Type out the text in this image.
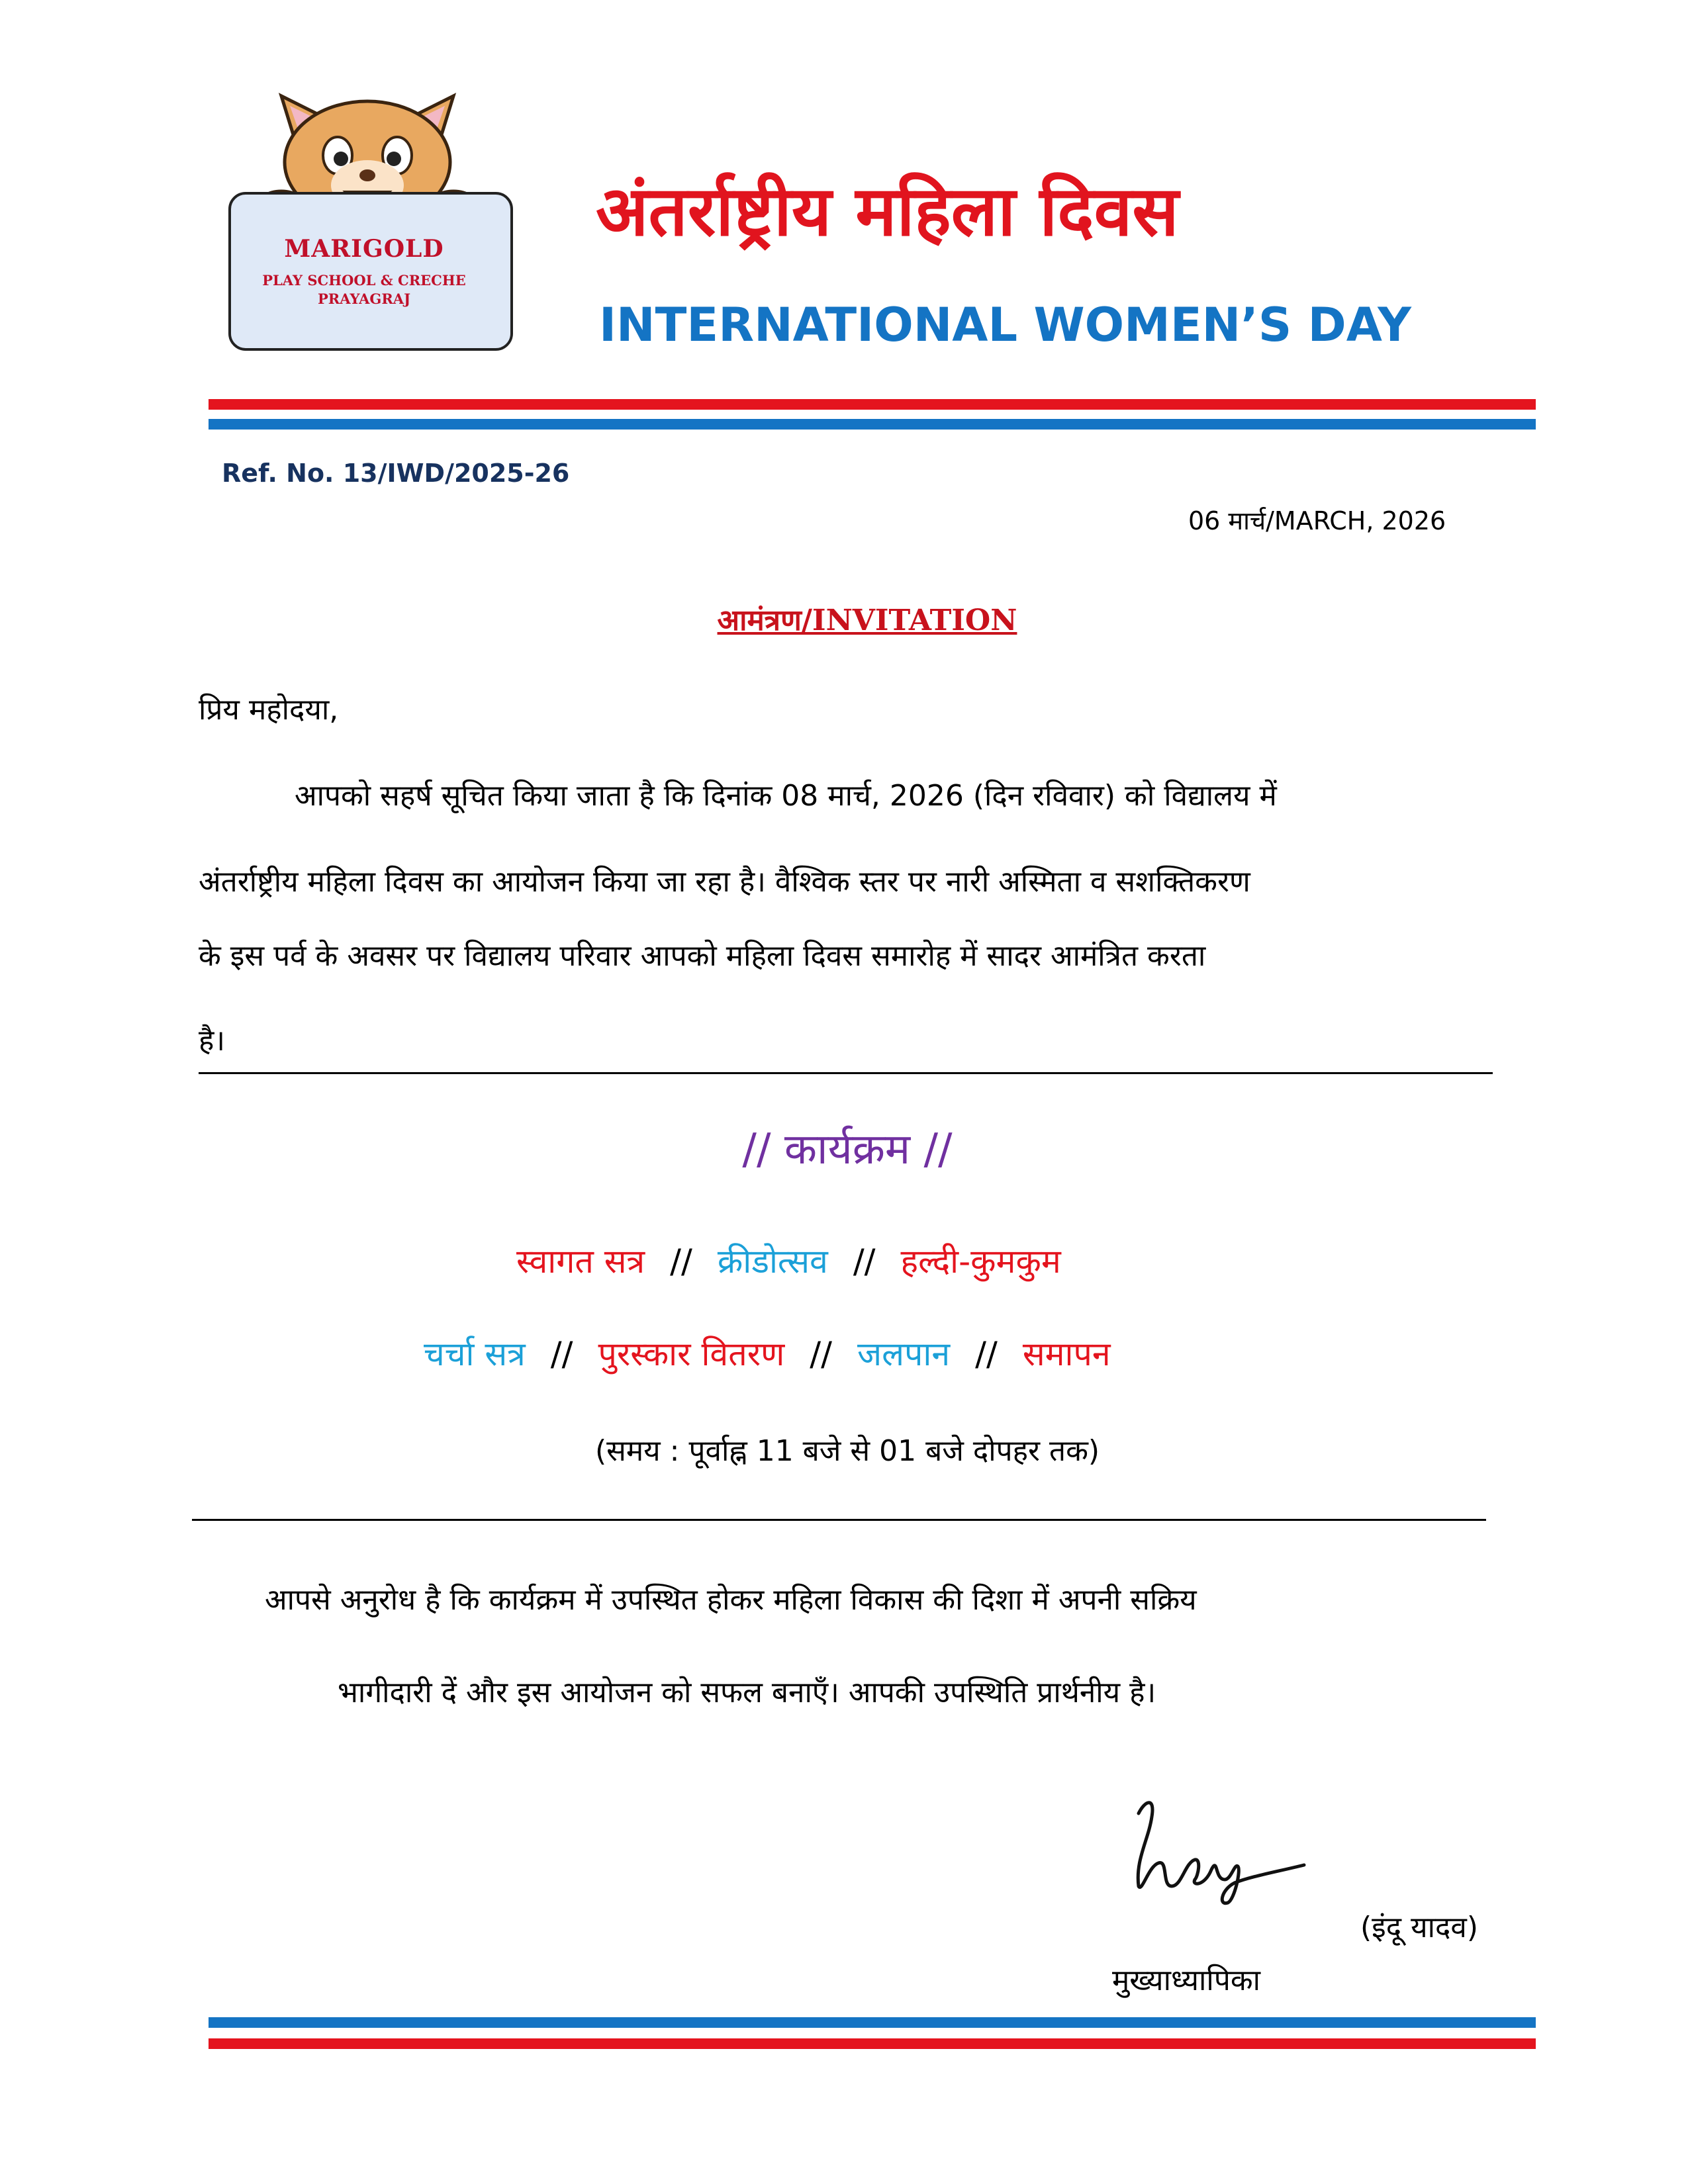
MARIGOLD
PLAY SCHOOL & CRECHE
PRAYAGRAJ
अंतर्राष्ट्रीय महिला दिवस
INTERNATIONAL WOMEN’S DAY
Ref. No. 13/IWD/2025-26
06 मार्च/MARCH, 2026
आमंत्रण/INVITATION
प्रिय महोदया,
आपको सहर्ष सूचित किया जाता है कि दिनांक 08 मार्च, 2026 (दिन रविवार) को विद्यालय में
अंतर्राष्ट्रीय महिला दिवस का आयोजन किया जा रहा है। वैश्विक स्तर पर नारी अस्मिता व सशक्तिकरण
के इस पर्व के अवसर पर विद्यालय परिवार आपको महिला दिवस समारोह में सादर आमंत्रित करता
है।
// कार्यक्रम //
स्वागत सत्र // क्रीडोत्सव // हल्दी-कुमकुम
चर्चा सत्र // पुरस्कार वितरण // जलपान // समापन
(समय : पूर्वाह्न 11 बजे से 01 बजे दोपहर तक)
आपसे अनुरोध है कि कार्यक्रम में उपस्थित होकर महिला विकास की दिशा में अपनी सक्रिय
भागीदारी दें और इस आयोजन को सफल बनाएँ। आपकी उपस्थिति प्रार्थनीय है।
(इंदू यादव)
मुख्याध्यापिका
